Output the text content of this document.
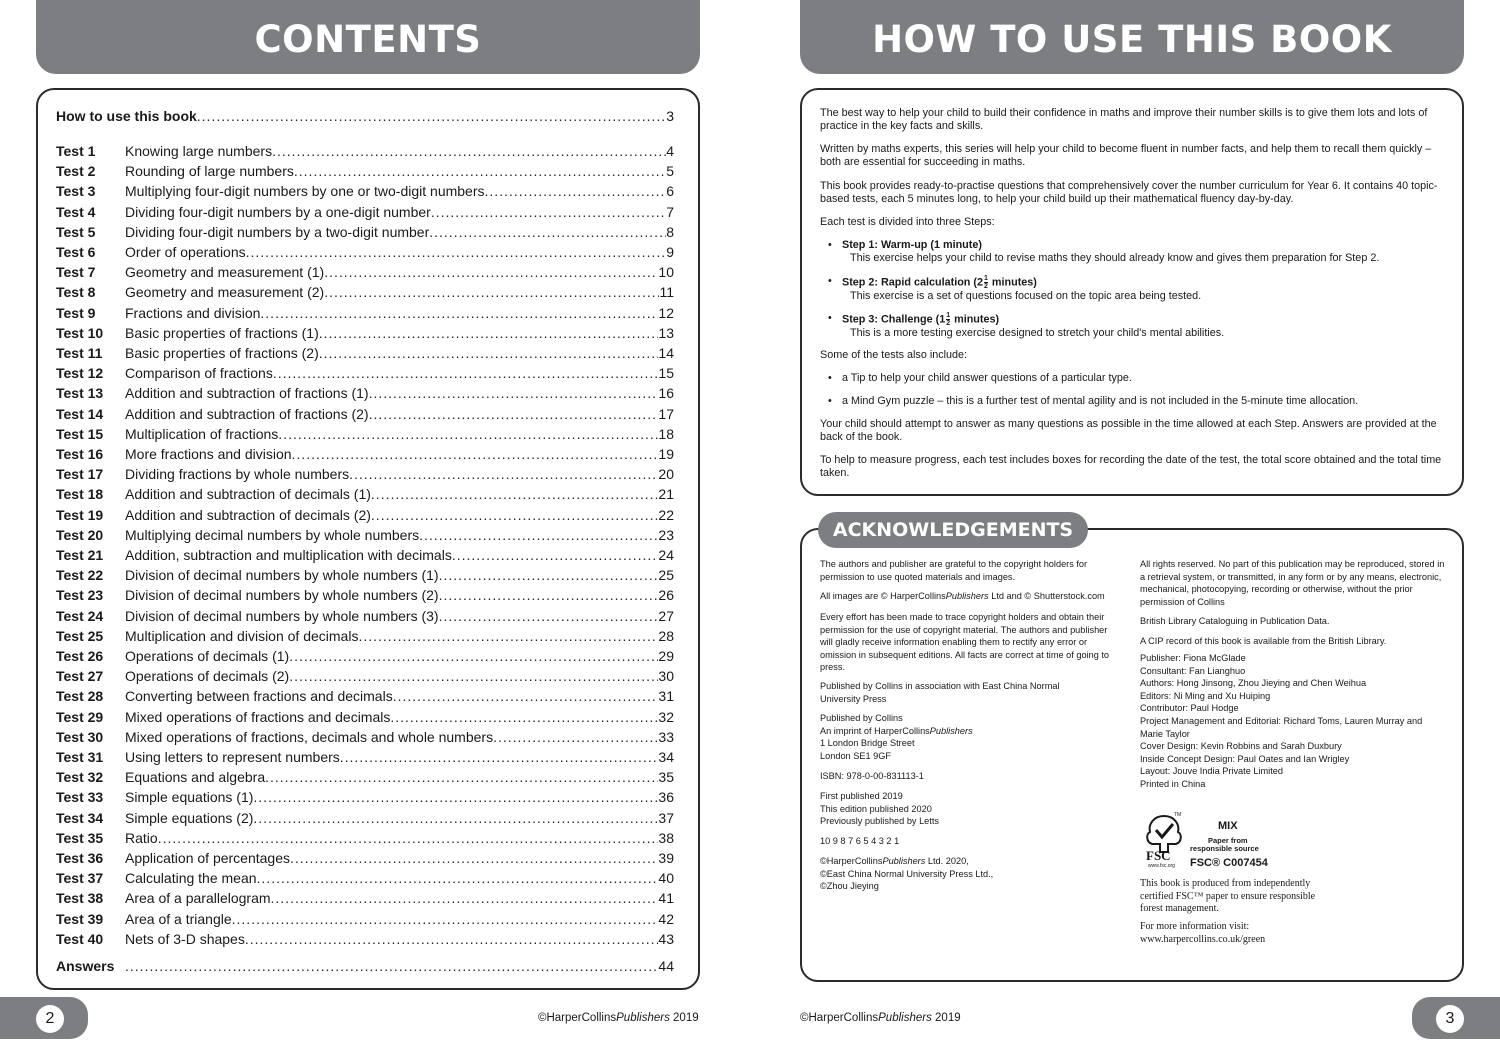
CONTENTS
How to use this book .....	3
Test 1	Knowing large numbers .....	4
Test 2	Rounding of large numbers .....	5
Test 3	Multiplying four-digit numbers by one or two-digit numbers .....	6
Test 4	Dividing four-digit numbers by a one-digit number .....	7
Test 5	Dividing four-digit numbers by a two-digit number .....	8
Test 6	Order of operations .....	9
Test 7	Geometry and measurement (1) .....	10
Test 8	Geometry and measurement (2) .....	11
Test 9	Fractions and division .....	12
Test 10	Basic properties of fractions (1) .....	13
Test 11	Basic properties of fractions (2) .....	14
Test 12	Comparison of fractions .....	15
Test 13	Addition and subtraction of fractions (1) .....	16
Test 14	Addition and subtraction of fractions (2) .....	17
Test 15	Multiplication of fractions .....	18
Test 16	More fractions and division .....	19
Test 17	Dividing fractions by whole numbers .....	20
Test 18	Addition and subtraction of decimals (1) .....	21
Test 19	Addition and subtraction of decimals (2) .....	22
Test 20	Multiplying decimal numbers by whole numbers .....	23
Test 21	Addition, subtraction and multiplication with decimals .....	24
Test 22	Division of decimal numbers by whole numbers (1) .....	25
Test 23	Division of decimal numbers by whole numbers (2) .....	26
Test 24	Division of decimal numbers by whole numbers (3) .....	27
Test 25	Multiplication and division of decimals .....	28
Test 26	Operations of decimals (1) .....	29
Test 27	Operations of decimals (2) .....	30
Test 28	Converting between fractions and decimals .....	31
Test 29	Mixed operations of fractions and decimals .....	32
Test 30	Mixed operations of fractions, decimals and whole numbers .....	33
Test 31	Using letters to represent numbers .....	34
Test 32	Equations and algebra .....	35
Test 33	Simple equations (1) .....	36
Test 34	Simple equations (2) .....	37
Test 35	Ratio .....	38
Test 36	Application of percentages .....	39
Test 37	Calculating the mean .....	40
Test 38	Area of a parallelogram .....	41
Test 39	Area of a triangle .....	42
Test 40	Nets of 3-D shapes .....	43
Answers .....	44
2	©HarperCollinsPublishers 2019
HOW TO USE THIS BOOK

The best way to help your child to build their confidence in maths and improve their number skills is to give them lots and lots of practice in the key facts and skills.

Written by maths experts, this series will help your child to become fluent in number facts, and help them to recall them quickly – both are essential for succeeding in maths.

This book provides ready-to-practise questions that comprehensively cover the number curriculum for Year 6. It contains 40 topic-based tests, each 5 minutes long, to help your child build up their mathematical fluency day-by-day.

Each test is divided into three Steps:

• Step 1: Warm-up (1 minute)
This exercise helps your child to revise maths they should already know and gives them preparation for Step 2.
• Step 2: Rapid calculation ($2 \frac{1}{2}$ minutes)
This exercise is a set of questions focused on the topic area being tested.
• Step 3: Challenge ($1 \frac{1}{2}$ minutes)
This is a more testing exercise designed to stretch your child's mental abilities.

Some of the tests also include:

• a Tip to help your child answer questions of a particular type.
• a Mind Gym puzzle – this is a further test of mental agility and is not included in the 5-minute time allocation.

Your child should attempt to answer as many questions as possible in the time allowed at each Step. Answers are provided at the back of the book.

To help to measure progress, each test includes boxes for recording the date of the test, the total score obtained and the total time taken.

The authors and publisher are grateful to the copyright holders for permission to use quoted materials and images.

All images are © HarperCollinsPublishers Ltd and © Shutterstock.com

Every effort has been made to trace copyright holders and obtain their permission for the use of copyright material. The authors and publisher will gladly receive information enabling them to rectify any error or omission in subsequent editions. All facts are correct at time of going to press.

Published by Collins in association with East China Normal University Press

Published by Collins
An imprint of HarperCollinsPublishers
1 London Bridge Street
London SE1 9GF

ISBN: 978-0-00-831113-1

First published 2019
This edition published 2020
Previously published by Letts

10 9 8 7 6 5 4 3 2 1

©HarperCollinsPublishers Ltd. 2020,
©East China Normal University Press Ltd.,
©Zhou Jieying

All rights reserved. No part of this publication may be reproduced, stored in a retrieval system, or transmitted, in any form or by any means, electronic, mechanical, photocopying, recording or otherwise, without the prior permission of Collins

British Library Cataloguing in Publication Data.

A CIP record of this book is available from the British Library.

Publisher: Fiona McGlade
Consultant: Fan Lianghuo
Authors: Hong Jinsong, Zhou Jieying and Chen Weihua
Editors: Ni Ming and Xu Huiping
Contributor: Paul Hodge
Project Management and Editorial: Richard Toms, Lauren Murray and Marie Taylor
Cover Design: Kevin Robbins and Sarah Duxbury
Inside Concept Design: Paul Oates and Ian Wrigley
Layout: Jouve India Private Limited
Printed in China
FSC
www.fsc.org
TM
MIX
Paper from
responsible source
FSC® C007454

This book is produced from independently certified FSC™ paper to ensure responsible forest management.

For more information visit:
www.harpercollins.co.uk/green
ACKNOWLEDGEMENTS
3
©HarperCollinsPublishers 2019
